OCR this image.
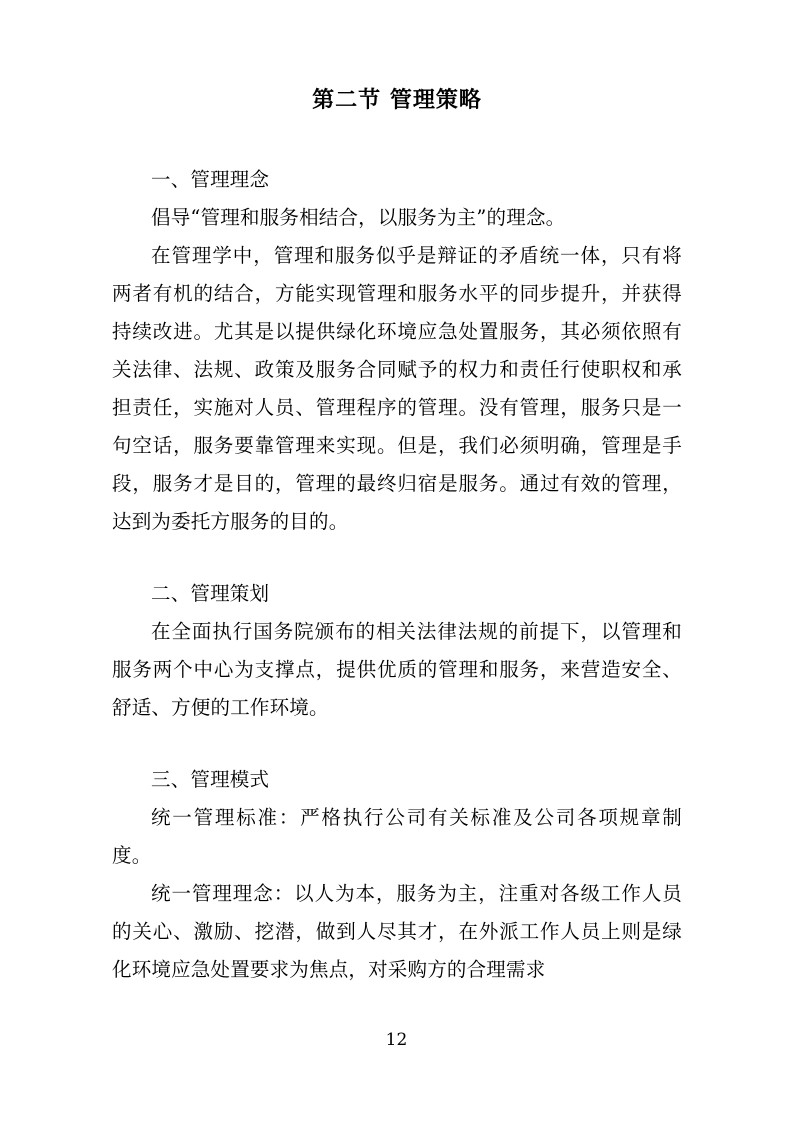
第二节 管理策略

一、管理理念

倡导“管理和服务相结合，以服务为主”的理念。

在管理学中，管理和服务似乎是辩证的矛盾统一体，只有将两者有机的结合，方能实现管理和服务水平的同步提升，并获得持续改进。尤其是以提供绿化环境应急处置服务，其必须依照有关法律、法规、政策及服务合同赋予的权力和责任行使职权和承担责任，实施对人员、管理程序的管理。没有管理，服务只是一句空话，服务要靠管理来实现。但是，我们必须明确，管理是手段，服务才是目的，管理的最终归宿是服务。通过有效的管理，达到为委托方服务的目的。

二、管理策划

在全面执行国务院颁布的相关法律法规的前提下，以管理和服务两个中心为支撑点，提供优质的管理和服务，来营造安全、舒适、方便的工作环境。

三、管理模式

统一管理标准：严格执行公司有关标准及公司各项规章制度。

统一管理理念：以人为本，服务为主，注重对各级工作人员的关心、激励、挖潜，做到人尽其才，在外派工作人员上则是绿化环境应急处置要求为焦点，对采购方的合理需求

12
